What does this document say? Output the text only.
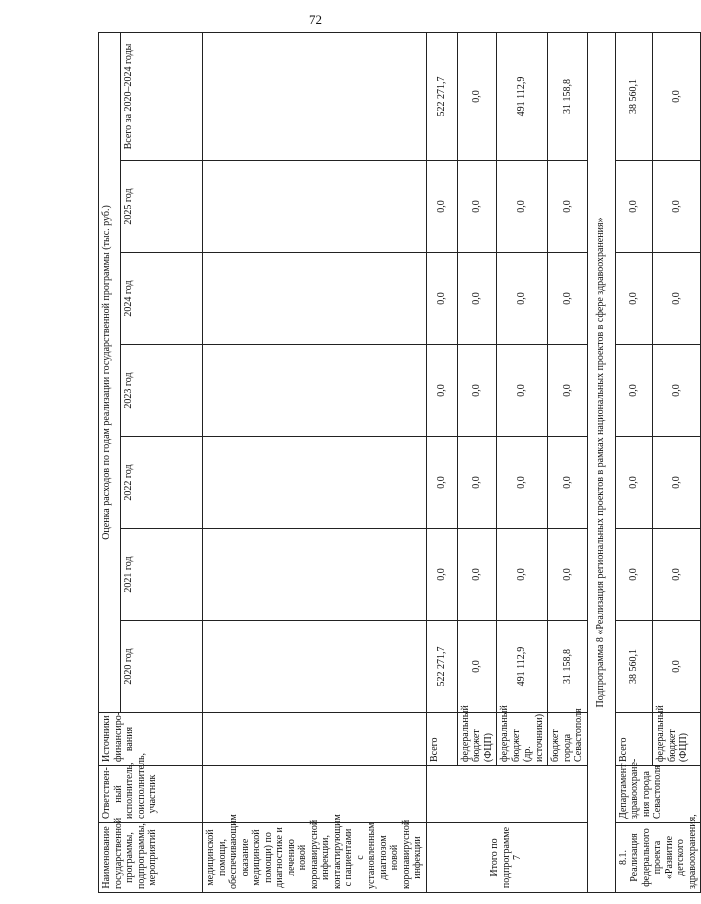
72
Наименование государственной программы, подпрограммы, мероприятий	Ответствен-ный исполнитель, соисполнитель, участник	Источники финансиро-вания	Оценка расходов по годам реализации государственной программы (тыс. руб.)						
			2020 год	2021 год	2022 год	2023 год	2024 год	2025 год	Всего за 2020–2024 годы
медицинской помощи, обеспечивающим оказание медицинской помощи) по диагностике и лечению новой коронавирусной инфекции, контактирующим с пациентами с установленным диагнозом новой коронавирусной инфекции									
Итого по подпрограмме 7		Всего	522 271,7	0,0	0,0	0,0	0,0	0,0	522 271,7
		федеральный бюджет (ФЦП)	0,0	0,0	0,0	0,0	0,0	0,0	0,0
		федеральный бюджет (др. источники)	491 112,9	0,0	0,0	0,0	0,0	0,0	491 112,9
		бюджет города Севастополя	31 158,8	0,0	0,0	0,0	0,0	0,0	31 158,8
Подпрограмма 8 «Реализация региональных проектов в рамках национальных проектов в сфере здравоохранения»									
8.1. Реализация федерального проекта «Развитие детского здравоохранения,	Департамент здравоохране-ния города Севастополя	Всего	38 560,1	0,0	0,0	0,0	0,0	0,0	38 560,1
		федеральный бюджет (ФЦП)	0,0	0,0	0,0	0,0	0,0	0,0	0,0
